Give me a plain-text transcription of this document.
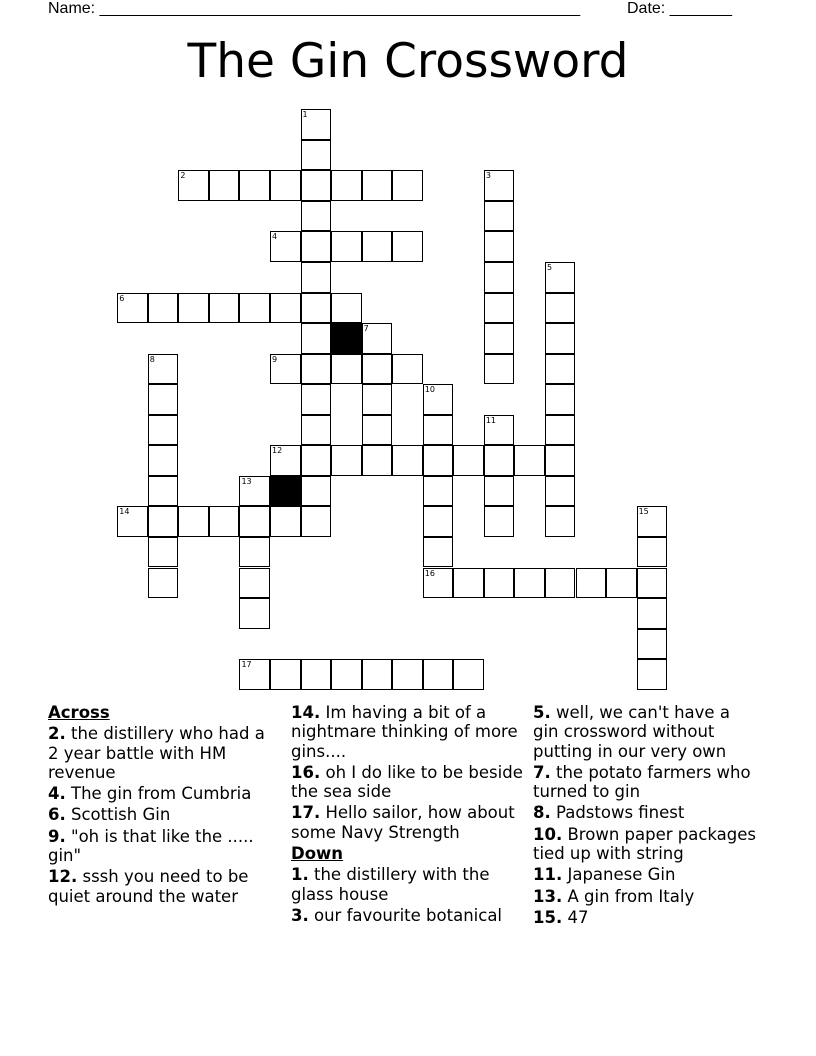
Name: ______________________________________________________	Date: _______
The Gin Crossword
1
2	3
4
5
6
7
8	9
10
16
11
12
13
14	15
17
Across
2. the distillery who had a 2 year battle with HM revenue
4. The gin from Cumbria
6. Scottish Gin
9. "oh is that like the ..... gin"
12. sssh you need to be quiet around the water
14. Im having a bit of a nightmare thinking of more gins....
16. oh I do like to be beside the sea side
17. Hello sailor, how about some Navy Strength
Down
1. the distillery with the glass house
3. our favourite botanical
5. well, we can't have a gin crossword without putting in our very own
7. the potato farmers who turned to gin
8. Padstows finest
10. Brown paper packages tied up with string
11. Japanese Gin
13. A gin from Italy
15. 47
